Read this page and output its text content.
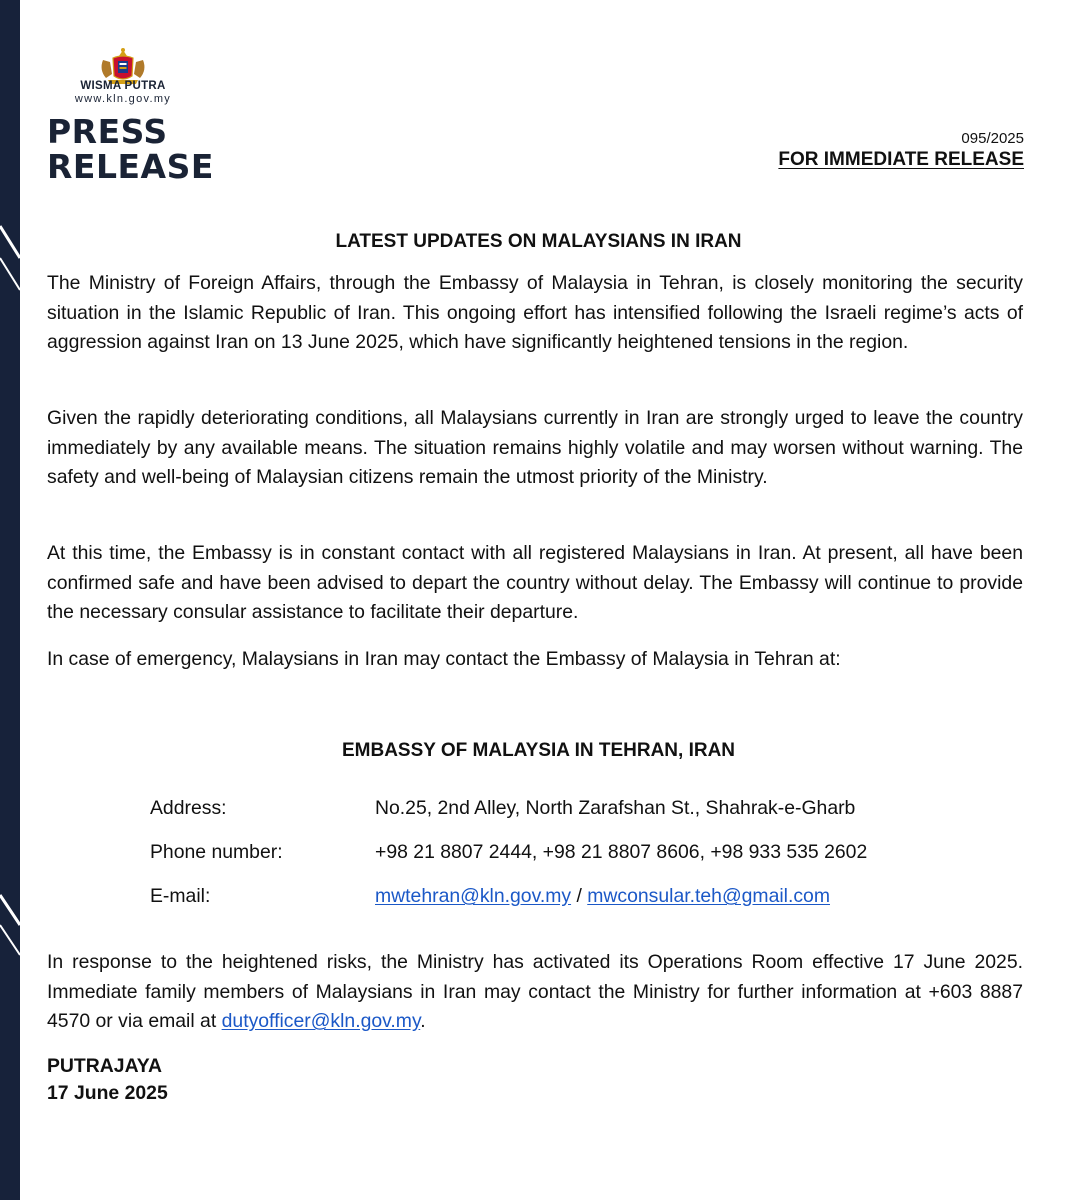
WISMA PUTRA
www.kln.gov.my
PRESS
RELEASE
095/2025
FOR IMMEDIATE RELEASE
LATEST UPDATES ON MALAYSIANS IN IRAN

The Ministry of Foreign Affairs, through the Embassy of Malaysia in Tehran, is closely monitoring the security situation in the Islamic Republic of Iran. This ongoing effort has intensified following the Israeli regime’s acts of aggression against Iran on 13 June 2025, which have significantly heightened tensions in the region.

Given the rapidly deteriorating conditions, all Malaysians currently in Iran are strongly urged to leave the country immediately by any available means. The situation remains highly volatile and may worsen without warning. The safety and well-being of Malaysian citizens remain the utmost priority of the Ministry.

At this time, the Embassy is in constant contact with all registered Malaysians in Iran. At present, all have been confirmed safe and have been advised to depart the country without delay. The Embassy will continue to provide the necessary consular assistance to facilitate their departure.

In case of emergency, Malaysians in Iran may contact the Embassy of Malaysia in Tehran at:

EMBASSY OF MALAYSIA IN TEHRAN, IRAN
Address:	No.25, 2nd Alley, North Zarafshan St., Shahrak-e-Gharb
Phone number:	+98 21 8807 2444, +98 21 8807 8606, +98 933 535 2602
E-mail:	mwtehran@kln.gov.my / mwconsular.teh@gmail.com

In response to the heightened risks, the Ministry has activated its Operations Room effective 17 June 2025. Immediate family members of Malaysians in Iran may contact the Ministry for further information at +603 8887 4570 or via email at dutyofficer@kln.gov.my.

PUTRAJAYA
17 June 2025
